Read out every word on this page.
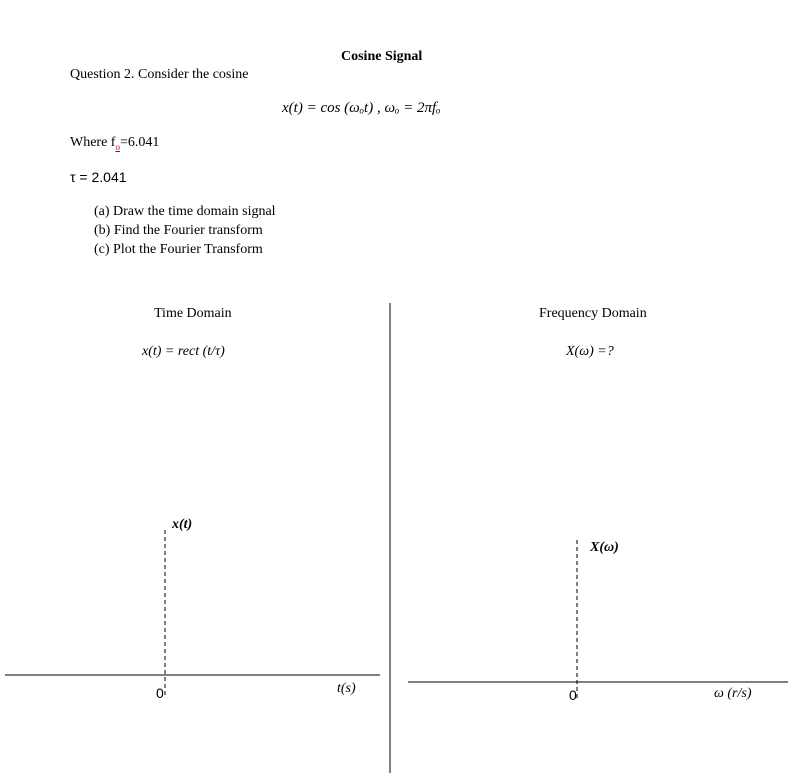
Cosine Signal
Question 2. Consider the cosine
x(t) = cos (ωₒt) , ωₒ = 2πfₒ
Where $f_o=6.041$
τ = 2.041
(a) Draw the time domain signal
(b) Find the Fourier transform
(c) Plot the Fourier Transform
Time Domain	Frequency Domain
x(t) = rect (t/τ)	X(ω) =?
x(t)
t(s)
0
X(ω)
ω (r/s)
0
